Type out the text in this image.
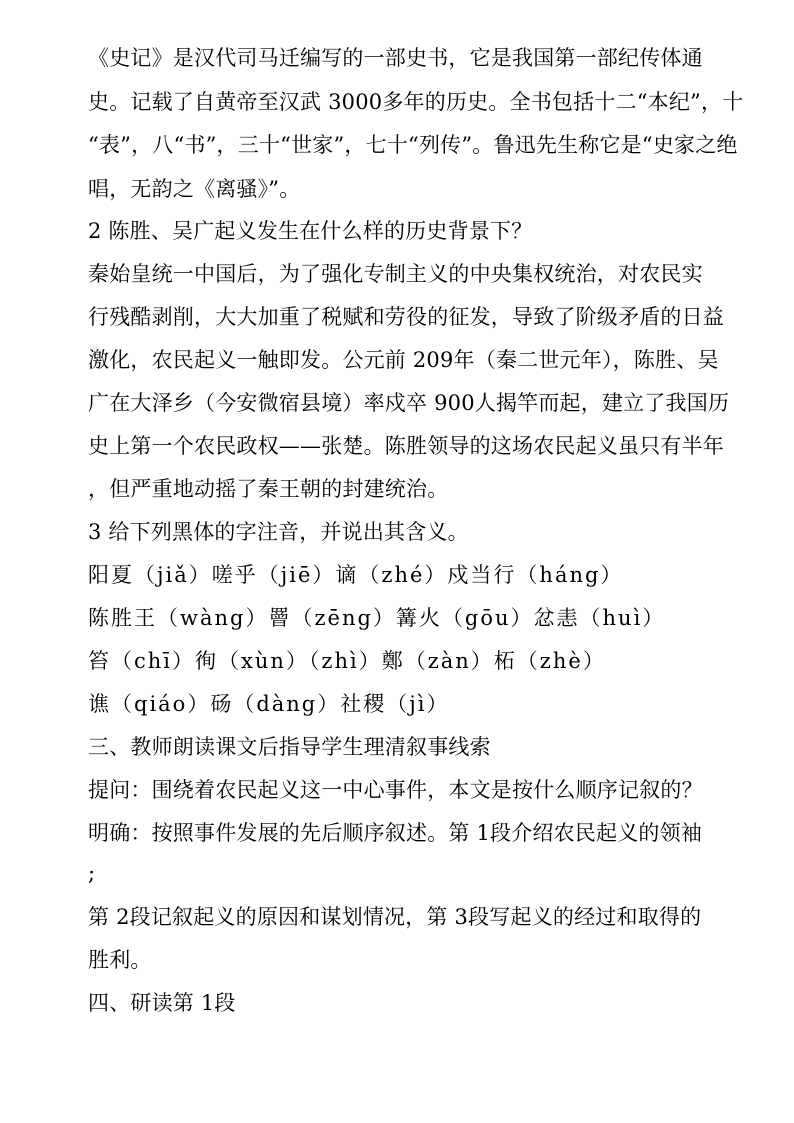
《史记》是汉代司马迁编写的一部史书，它是我国第一部纪传体通
史。记载了自黄帝至汉武 3000多年的历史。全书包括十二“本纪”，十
“表”，八“书”，三十“世家”，七十“列传”。鲁迅先生称它是“史家之绝
唱，无韵之《离骚》”。
2 陈胜、吴广起义发生在什么样的历史背景下？
秦始皇统一中国后，为了强化专制主义的中央集权统治，对农民实
行残酷剥削，大大加重了税赋和劳役的征发，导致了阶级矛盾的日益
激化，农民起义一触即发。公元前 209年（秦二世元年），陈胜、吴
广在大泽乡（今安微宿县境）率戍卒 900人揭竿而起，建立了我国历
史上第一个农民政权——张楚。陈胜领导的这场农民起义虽只有半年
，但严重地动摇了秦王朝的封建统治。
3 给下列黑体的字注音，并说出其含义。
阳夏（jiǎ）嗟乎（jiē）谪（zhé）戍当行（háng）
陈胜王（wàng）罾（zēng）篝火（gōu）忿恚（huì）
笞（chī）徇（xùn）（zhì）鄭（zàn）柘（zhè）
谯（qiáo）砀（dàng）社稷（jì）
三、教师朗读课文后指导学生理清叙事线索
提问：围绕着农民起义这一中心事件，本文是按什么顺序记叙的？
明确：按照事件发展的先后顺序叙述。第 1段介绍农民起义的领袖
;
第 2段记叙起义的原因和谋划情况，第 3段写起义的经过和取得的
胜利。
四、研读第 1段
